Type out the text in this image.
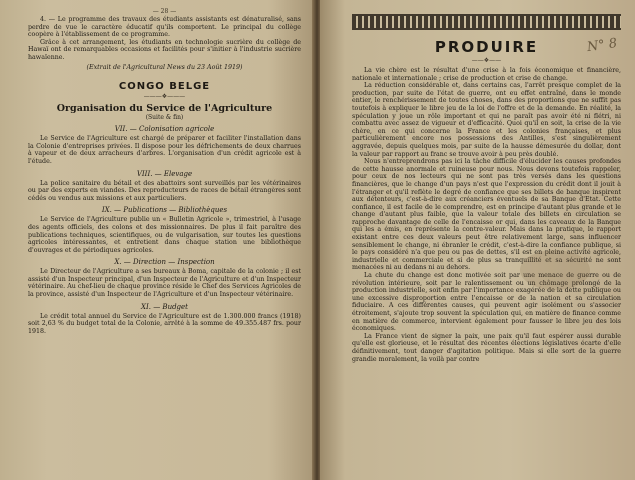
— 28 —

4. — Le programme des travaux des étudiants assistants est dénaturalisé, sans perdre de vue le caractère éducatif qu'ils comportent. Le principal du collège coopère à l'établissement de ce programme.

Grâce à cet arrangement, les étudiants en technologie sucrière du collège de Hawaï ont de remarquables occasions et facilités pour s'initier à l'industrie sucrière hawaïenne.

(Extrait de l'Agricultural News du 23 Août 1919)

CONGO BELGE
———❖———
Organisation du Service de l'Agriculture
(Suite & fin)
VII. — Colonisation agricole

Le Service de l'Agriculture est chargé de préparer et faciliter l'installation dans la Colonie d'entreprises privées. Il dispose pour les défrichements de deux charrues à vapeur et de deux arracheurs d'arbres. L'organisation d'un crédit agricole est à l'étude.

VIII. — Elevage

La police sanitaire du bétail et des abattoirs sont surveillés par les vétérinaires ou par des experts en viandes. Des reproducteurs de races de bétail étrangères sont cédés ou vendus aux missions et aux particuliers.

IX. — Publications — Bibliothèques

Le Service de l'Agriculture publie un « Bulletin Agricole », trimestriel, à l'usage des agents officiels, des colons et des missionnaires. De plus il fait paraître des publications techniques, scientifiques, ou de vulgarisation, sur toutes les questions agricoles intéressantes, et entretient dans chaque station une bibliothèque d'ouvrages et de périodiques agricoles.

X. — Direction — Inspection

Le Directeur de l'Agriculture a ses bureaux à Boma, capitale de la colonie ; il est assisté d'un Inspecteur principal, d'un Inspecteur de l'Agriculture et d'un Inspecteur vétérinaire. Au chef-lieu de chaque province réside le Chef des Services Agricoles de la province, assisté d'un Inspecteur de l'Agriculture et d'un Inspecteur vétérinaire.

XI. — Budget

Le crédit total annuel du Service de l'Agriculture est de 1.300.000 francs (1918) soit 2,63 % du budget total de la Colonie, arrêté à la somme de 49.355.487 frs. pour 1918.

N° 8
PRODUIRE
——❖——

La vie chère est le résultat d'une crise à la fois économique et financière, nationale et internationale ; crise de production et crise de change.

La réduction considérable et, dans certains cas, l'arrêt presque complet de la production, par suite de l'état de guerre, ont eu effet entraîné, dans le monde entier, le renchérissement de toutes choses, dans des proportions que ne suffit pas toutefois à expliquer le libre jeu de la loi de l'offre et de la demande. En réalité, la spéculation y joue un rôle important et qui ne paraît pas avoir été ni flétri, ni combattu avec assez de vigueur et d'efficacité. Quoi qu'il en soit, la crise de la vie chère, en ce qui concerne la France et les colonies françaises, et plus particulièrement encore nos possessions des Antilles, s'est singulièrement aggravée, depuis quelques mois, par suite de la hausse démesurée du dollar, dont la valeur par rapport au franc se trouve avoir à peu près doublé.

Nous n'entreprendrons pas ici la tâche difficile d'élucider les causes profondes de cette hausse anormale et ruineuse pour nous. Nous devons toutefois rappeler, pour ceux de nos lecteurs qui ne sont pas très versés dans les questions financières, que le change d'un pays n'est que l'expression du crédit dont il jouit à l'étranger et qu'il reflète le degré de confiance que ses billets de banque inspirent aux détenteurs, c'est-à-dire aux créanciers éventuels de sa Banque d'Etat. Cette confiance, il est facile de le comprendre, est en principe d'autant plus grande et le change d'autant plus faible, que la valeur totale des billets en circulation se rapproche davantage de celle de l'encaisse or qui, dans les caveaux de la Banque qui les a émis, en représente la contre-valeur. Mais dans la pratique, le rapport existant entre ces deux valeurs peut être relativement large, sans influencer sensiblement le change, ni ébranler le crédit, c'est-à-dire la confiance publique, si le pays considéré n'a que peu ou pas de dettes, s'il est en pleine activité agricole, industrielle et commerciale et si de plus sa tranquillité et sa sécurité ne sont menacées ni au dedans ni au dehors.

La chute du change est donc motivée soit par une menace de guerre ou de révolution intérieure, soit par le ralentissement ou un chômage prolongé de la production industrielle, soit enfin par l'importance exagérée de la dette publique ou une excessive disproportion entre l'encaisse or de la nation et sa circulation fiduciaire. A ces différentes causes, qui peuvent agir isolément ou s'associer étroitement, s'ajoute trop souvent la spéculation qui, en matière de finance comme en matière de commerce, intervient également pour fausser le libre jeu des lois économiques.

La France vient de signer la paix, une paix qu'il faut espérer aussi durable qu'elle est glorieuse, et le résultat des récentes élections législatives écarte d'elle définitivement, tout danger d'agitation politique. Mais si elle sort de la guerre grandie moralement, la voilà par contre
